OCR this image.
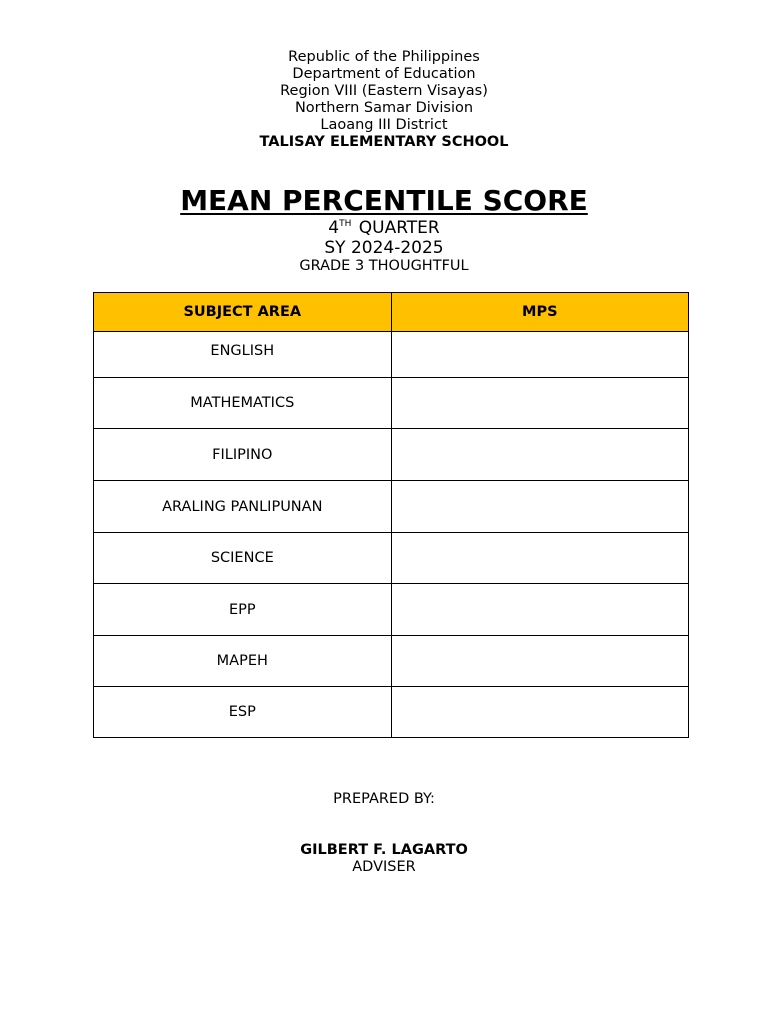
Republic of the Philippines
Department of Education
Region VIII (Eastern Visayas)
Northern Samar Division
Laoang III District
TALISAY ELEMENTARY SCHOOL
MEAN PERCENTILE SCORE
4TH QUARTER
SY 2024-2025
GRADE 3 THOUGHTFUL
SUBJECT AREA	MPS
ENGLISH	
MATHEMATICS	
FILIPINO	
ARALING PANLIPUNAN	
SCIENCE	
EPP	
MAPEH	
ESP	
PREPARED BY:
GILBERT F. LAGARTO
ADVISER
